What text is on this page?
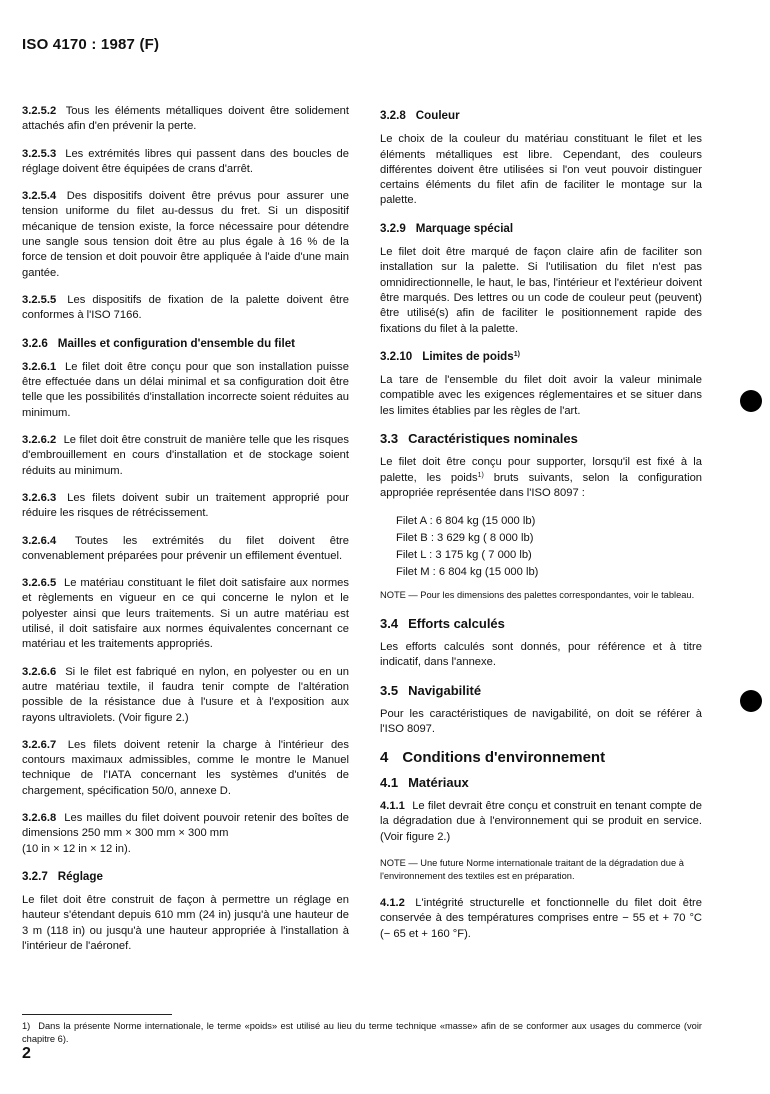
ISO 4170 : 1987 (F)

3.2.5.2 Tous les éléments métalliques doivent être solidement attachés afin d'en prévenir la perte.

3.2.5.3 Les extrémités libres qui passent dans des boucles de réglage doivent être équipées de crans d'arrêt.

3.2.5.4 Des dispositifs doivent être prévus pour assurer une tension uniforme du filet au-dessus du fret. Si un dispositif mécanique de tension existe, la force nécessaire pour détendre une sangle sous tension doit être au plus égale à 16 % de la force de tension et doit pouvoir être appliquée à l'aide d'une main gantée.

3.2.5.5 Les dispositifs de fixation de la palette doivent être conformes à l'ISO 7166.

3.2.6 Mailles et configuration d'ensemble du filet

3.2.6.1 Le filet doit être conçu pour que son installation puisse être effectuée dans un délai minimal et sa configuration doit être telle que les possibilités d'installation incorrecte soient réduites au minimum.

3.2.6.2 Le filet doit être construit de manière telle que les risques d'embrouillement en cours d'installation et de stockage soient réduits au minimum.

3.2.6.3 Les filets doivent subir un traitement approprié pour réduire les risques de rétrécissement.

3.2.6.4 Toutes les extrémités du filet doivent être convenablement préparées pour prévenir un effilement éventuel.

3.2.6.5 Le matériau constituant le filet doit satisfaire aux normes et règlements en vigueur en ce qui concerne le nylon et le polyester ainsi que leurs traitements. Si un autre matériau est utilisé, il doit satisfaire aux normes équivalentes concernant ce matériau et les traitements appropriés.

3.2.6.6 Si le filet est fabriqué en nylon, en polyester ou en un autre matériau textile, il faudra tenir compte de l'altération possible de la résistance due à l'usure et à l'exposition aux rayons ultraviolets. (Voir figure 2.)

3.2.6.7 Les filets doivent retenir la charge à l'intérieur des contours maximaux admissibles, comme le montre le Manuel technique de l'IATA concernant les systèmes d'unités de chargement, spécification 50/0, annexe D.

3.2.6.8 Les mailles du filet doivent pouvoir retenir des boîtes de dimensions 250 mm × 300 mm × 300 mm
(10 in × 12 in × 12 in).

3.2.7 Réglage

Le filet doit être construit de façon à permettre un réglage en hauteur s'étendant depuis 610 mm (24 in) jusqu'à une hauteur de 3 m (118 in) ou jusqu'à une hauteur appropriée à l'installation à l'intérieur de l'aéronef.

3.2.8 Couleur

Le choix de la couleur du matériau constituant le filet et les éléments métalliques est libre. Cependant, des couleurs différentes doivent être utilisées si l'on veut pouvoir distinguer certains éléments du filet afin de faciliter le montage sur la palette.

3.2.9 Marquage spécial

Le filet doit être marqué de façon claire afin de faciliter son installation sur la palette. Si l'utilisation du filet n'est pas omnidirectionnelle, le haut, le bas, l'intérieur et l'extérieur doivent être marqués. Des lettres ou un code de couleur peut (peuvent) être utilisé(s) afin de faciliter le positionnement rapide des fixations du filet à la palette.

3.2.10 Limites de poids$^{1)}$

La tare de l'ensemble du filet doit avoir la valeur minimale compatible avec les exigences réglementaires et se situer dans les limites établies par les règles de l'art.

3.3 Caractéristiques nominales

Le filet doit être conçu pour supporter, lorsqu'il est fixé à la palette, les poids$^{1)}$ bruts suivants, selon la configuration appropriée représentée dans l'ISO 8097 :

Filet A : 6 804 kg (15 000 lb)
Filet B : 3 629 kg ( 8 000 lb)
Filet L : 3 175 kg ( 7 000 lb)
Filet M : 6 804 kg (15 000 lb)

NOTE — Pour les dimensions des palettes correspondantes, voir le tableau.

3.4 Efforts calculés

Les efforts calculés sont donnés, pour référence et à titre indicatif, dans l'annexe.

3.5 Navigabilité

Pour les caractéristiques de navigabilité, on doit se référer à l'ISO 8097.

4 Conditions d'environnement
4.1 Matériaux

4.1.1 Le filet devrait être conçu et construit en tenant compte de la dégradation due à l'environnement qui se produit en service. (Voir figure 2.)

NOTE — Une future Norme internationale traitant de la dégradation due à l'environnement des textiles est en préparation.

4.1.2 L'intégrité structurelle et fonctionnelle du filet doit être conservée à des températures comprises entre − 55 et + 70 °C (− 65 et + 160 °F).

1) Dans la présente Norme internationale, le terme «poids» est utilisé au lieu du terme technique «masse» afin de se conformer aux usages du commerce (voir chapitre 6).
2
